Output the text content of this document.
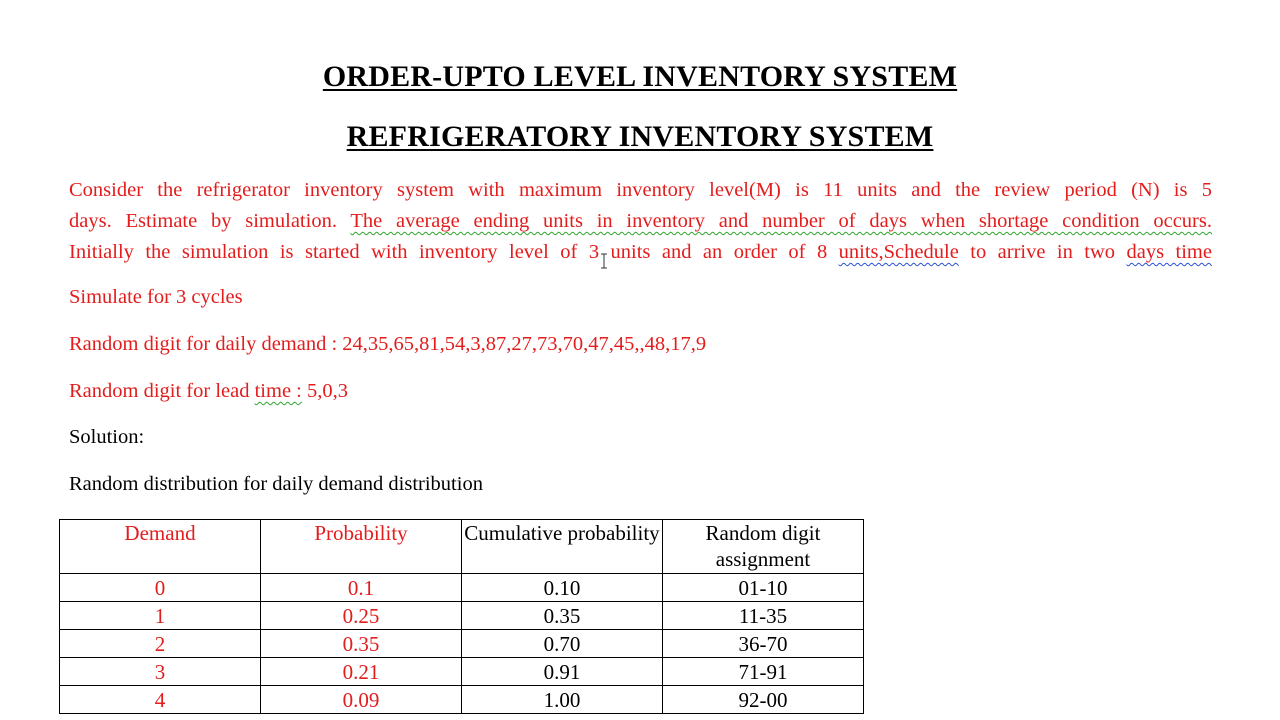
ORDER-UPTO LEVEL INVENTORY SYSTEM
REFRIGERATORY INVENTORY SYSTEM

Consider the refrigerator inventory system with maximum inventory level(M) is 11 units and the review period (N) is 5
days. Estimate by simulation. The average ending units in inventory and number of days when shortage condition occurs.
Initially the simulation is started with inventory level of 3 units and an order of 8 units,Schedule to arrive in two days time

Simulate for 3 cycles

Random digit for daily demand : 24,35,65,81,54,3,87,27,73,70,47,45,,48,17,9

Random digit for lead time : 5,0,3

Solution:

Random distribution for daily demand distribution

Demand	Probability	Cumulative probability	Random digit assignment
0	0.1	0.10	01-10
1	0.25	0.35	11-35
2	0.35	0.70	36-70
3	0.21	0.91	71-91
4	0.09	1.00	92-00
